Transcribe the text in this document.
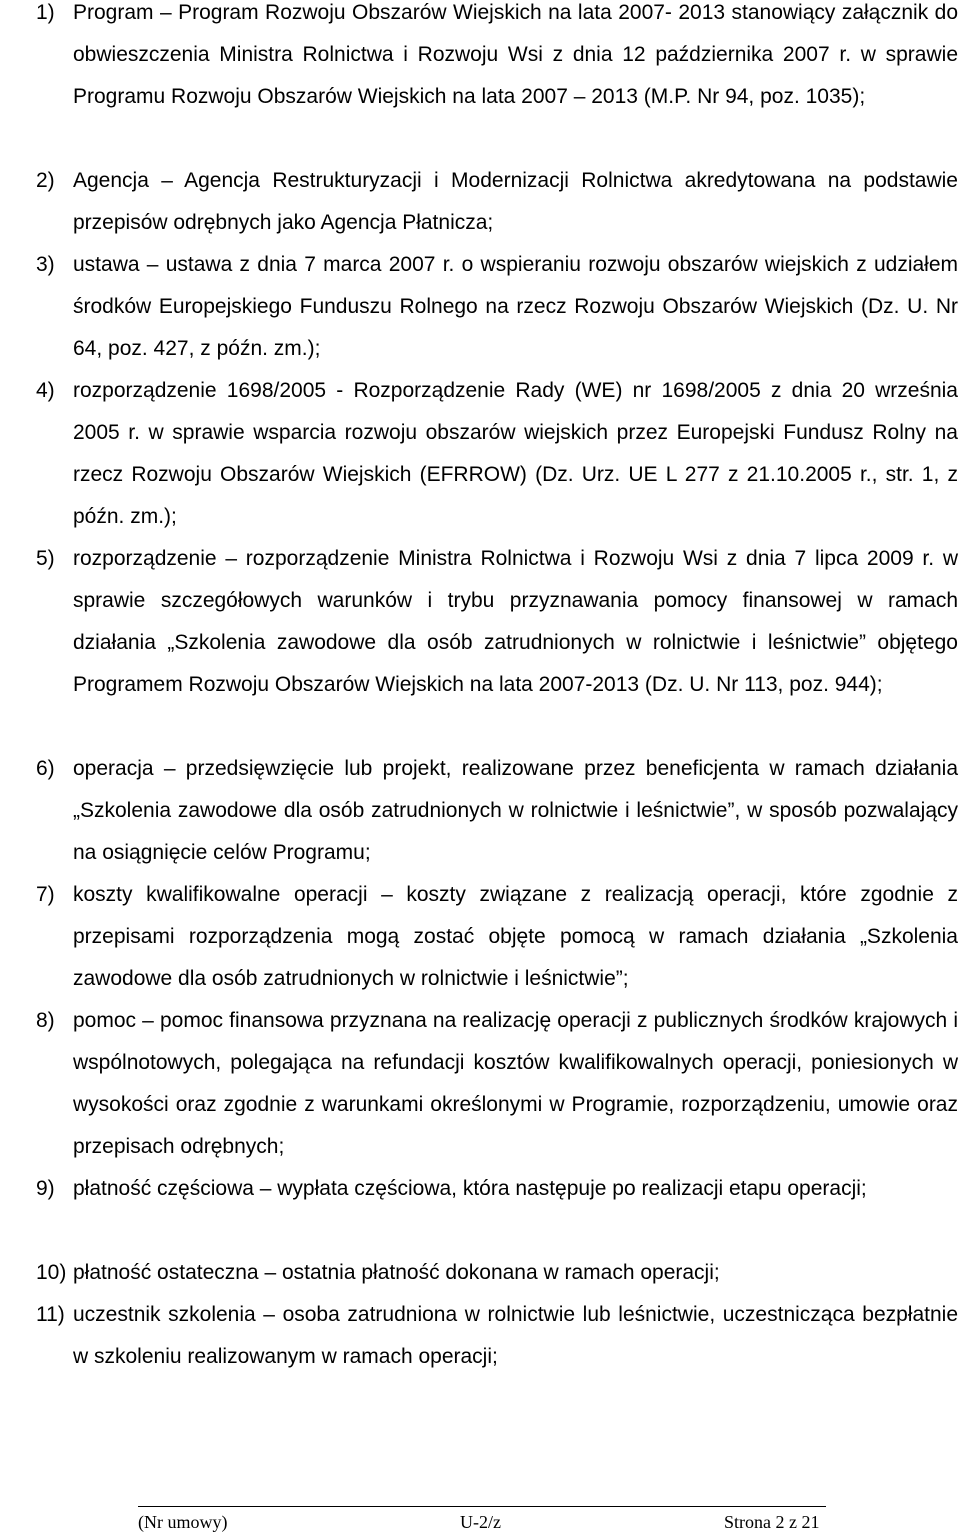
1) Program – Program Rozwoju Obszarów Wiejskich na lata 2007- 2013 stanowiący załącznik do obwieszczenia Ministra Rolnictwa i Rozwoju Wsi z dnia 12 października 2007 r. w sprawie Programu Rozwoju Obszarów Wiejskich na lata 2007 – 2013 (M.P. Nr 94, poz. 1035);
2) Agencja – Agencja Restrukturyzacji i Modernizacji Rolnictwa akredytowana na podstawie przepisów odrębnych jako Agencja Płatnicza;
3) ustawa – ustawa z dnia 7 marca 2007 r. o wspieraniu rozwoju obszarów wiejskich z udziałem środków Europejskiego Funduszu Rolnego na rzecz Rozwoju Obszarów Wiejskich (Dz. U. Nr 64, poz. 427, z późn. zm.);
4) rozporządzenie 1698/2005 - Rozporządzenie Rady (WE) nr 1698/2005 z dnia 20 września 2005 r. w sprawie wsparcia rozwoju obszarów wiejskich przez Europejski Fundusz Rolny na rzecz Rozwoju Obszarów Wiejskich (EFRROW) (Dz. Urz. UE L 277 z 21.10.2005 r., str. 1, z późn. zm.);
5) rozporządzenie – rozporządzenie Ministra Rolnictwa i Rozwoju Wsi z dnia 7 lipca 2009 r. w sprawie szczegółowych warunków i trybu przyznawania pomocy finansowej w ramach działania „Szkolenia zawodowe dla osób zatrudnionych w rolnictwie i leśnictwie” objętego Programem Rozwoju Obszarów Wiejskich na lata 2007-2013 (Dz. U. Nr 113, poz. 944);
6) operacja – przedsięwzięcie lub projekt, realizowane przez beneficjenta w ramach działania „Szkolenia zawodowe dla osób zatrudnionych w rolnictwie i leśnictwie”, w sposób pozwalający na osiągnięcie celów Programu;
7) koszty kwalifikowalne operacji – koszty związane z realizacją operacji, które zgodnie z przepisami rozporządzenia mogą zostać objęte pomocą w ramach działania „Szkolenia zawodowe dla osób zatrudnionych w rolnictwie i leśnictwie”;
8) pomoc – pomoc finansowa przyznana na realizację operacji z publicznych środków krajowych i wspólnotowych, polegająca na refundacji kosztów kwalifikowalnych operacji, poniesionych w wysokości oraz zgodnie z warunkami określonymi w Programie, rozporządzeniu, umowie oraz przepisach odrębnych;
9) płatność częściowa – wypłata częściowa, która następuje po realizacji etapu operacji;
10) płatność ostateczna – ostatnia płatność dokonana w ramach operacji;
11) uczestnik szkolenia – osoba zatrudniona w rolnictwie lub leśnictwie, uczestnicząca bezpłatnie w szkoleniu realizowanym w ramach operacji;
(Nr umowy)	U-2/z	Strona 2 z 21
